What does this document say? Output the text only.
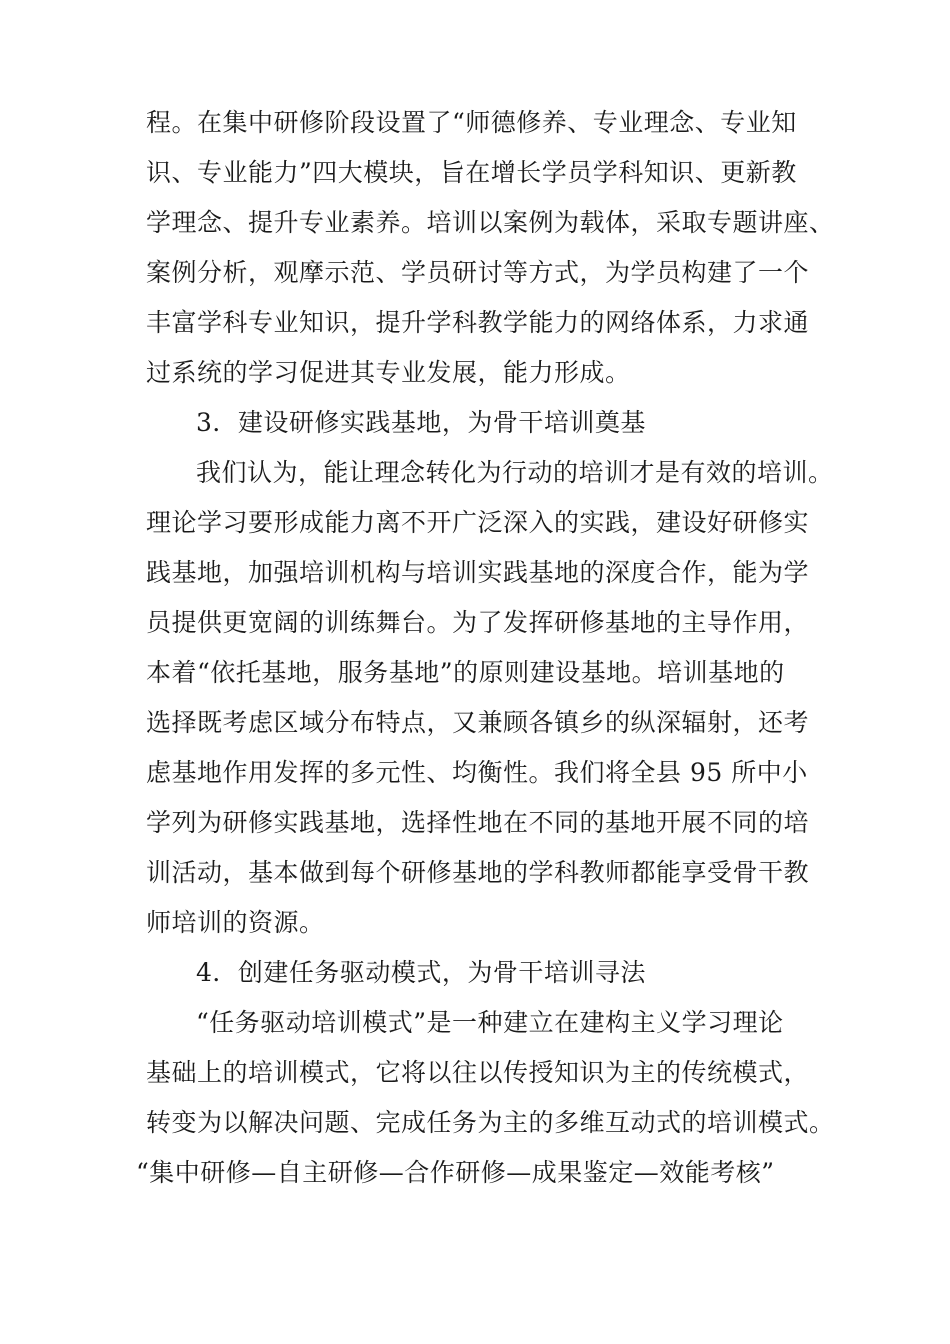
程。在集中研修阶段设置了“师德修养、专业理念、专业知
识、专业能力”四大模块，旨在增长学员学科知识、更新教
学理念、提升专业素养。培训以案例为载体，采取专题讲座、
案例分析，观摩示范、学员研讨等方式，为学员构建了一个
丰富学科专业知识，提升学科教学能力的网络体系，力求通
过系统的学习促进其专业发展，能力形成。
3．建设研修实践基地，为骨干培训奠基
我们认为，能让理念转化为行动的培训才是有效的培训。
理论学习要形成能力离不开广泛深入的实践，建设好研修实
践基地，加强培训机构与培训实践基地的深度合作，能为学
员提供更宽阔的训练舞台。为了发挥研修基地的主导作用，
本着“依托基地，服务基地”的原则建设基地。培训基地的
选择既考虑区域分布特点，又兼顾各镇乡的纵深辐射，还考
虑基地作用发挥的多元性、均衡性。我们将全县 95 所中小
学列为研修实践基地，选择性地在不同的基地开展不同的培
训活动，基本做到每个研修基地的学科教师都能享受骨干教
师培训的资源。
4．创建任务驱动模式，为骨干培训寻法
“任务驱动培训模式”是一种建立在建构主义学习理论
基础上的培训模式，它将以往以传授知识为主的传统模式，
转变为以解决问题、完成任务为主的多维互动式的培训模式。
“集中研修—自主研修—合作研修—成果鉴定—效能考核”
